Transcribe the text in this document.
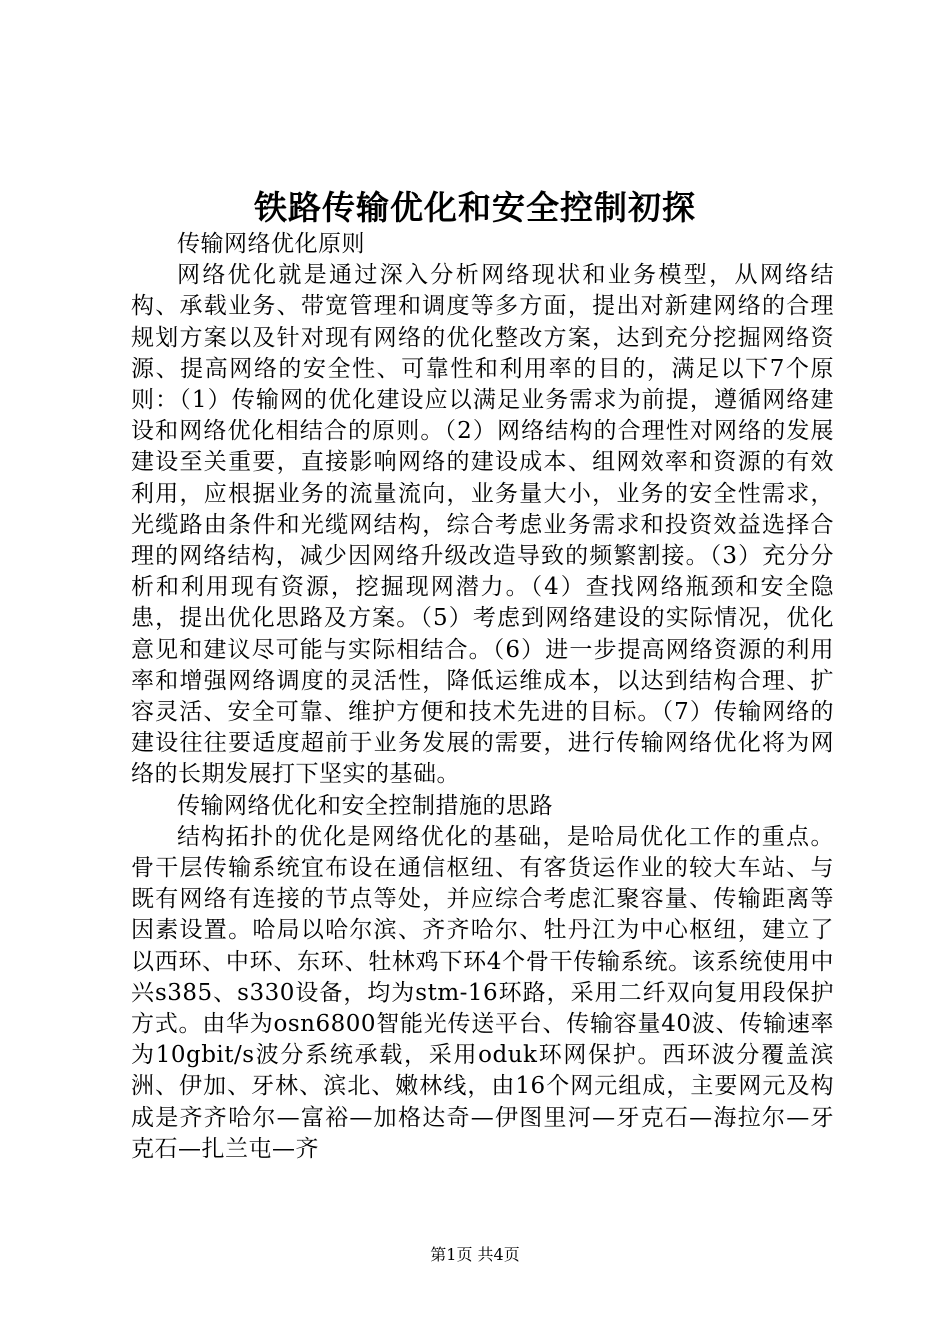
铁路传输优化和安全控制初探

传输网络优化原则

网络优化就是通过深入分析网络现状和业务模型，从网络结构、承载业务、带宽管理和调度等多方面，提出对新建网络的合理规划方案以及针对现有网络的优化整改方案，达到充分挖掘网络资源、提高网络的安全性、可靠性和利用率的目的，满足以下7个原则：（1）传输网的优化建设应以满足业务需求为前提，遵循网络建设和网络优化相结合的原则。（2）网络结构的合理性对网络的发展建设至关重要，直接影响网络的建设成本、组网效率和资源的有效利用，应根据业务的流量流向，业务量大小，业务的安全性需求，光缆路由条件和光缆网结构，综合考虑业务需求和投资效益选择合理的网络结构，减少因网络升级改造导致的频繁割接。（3）充分分析和利用现有资源，挖掘现网潜力。（4）查找网络瓶颈和安全隐患，提出优化思路及方案。（5）考虑到网络建设的实际情况，优化意见和建议尽可能与实际相结合。（6）进一步提高网络资源的利用率和增强网络调度的灵活性，降低运维成本，以达到结构合理、扩容灵活、安全可靠、维护方便和技术先进的目标。（7）传输网络的建设往往要适度超前于业务发展的需要，进行传输网络优化将为网络的长期发展打下坚实的基础。

传输网络优化和安全控制措施的思路

结构拓扑的优化是网络优化的基础，是哈局优化工作的重点。骨干层传输系统宜布设在通信枢纽、有客货运作业的较大车站、与既有网络有连接的节点等处，并应综合考虑汇聚容量、传输距离等因素设置。哈局以哈尔滨、齐齐哈尔、牡丹江为中心枢纽，建立了以西环、中环、东环、牡林鸡下环4个骨干传输系统。该系统使用中兴s385、s330设备，均为stm-16环路，采用二纤双向复用段保护方式。由华为osn6800智能光传送平台、传输容量40波、传输速率为10gbit/s波分系统承载，采用oduk环网保护。西环波分覆盖滨洲、伊加、牙林、滨北、嫩林线，由16个网元组成，主要网元及构成是齐齐哈尔—富裕—加格达奇—伊图里河—牙克石—海拉尔—牙克石—扎兰屯—齐

第1页 共4页
